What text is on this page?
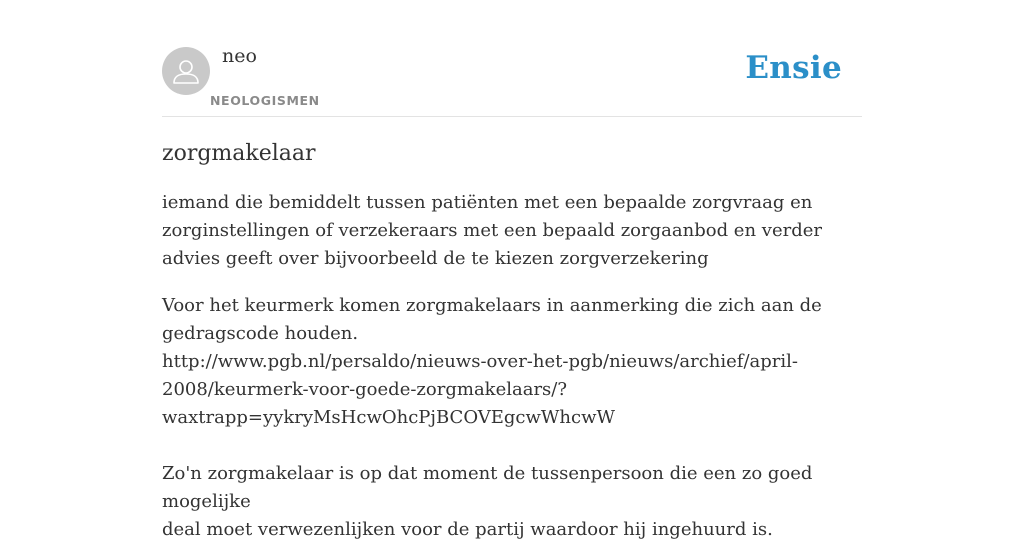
neo
NEOLOGISMEN
Ensie
zorgmakelaar

iemand die bemiddelt tussen patiënten met een bepaalde zorgvraag en zorginstellingen of verzekeraars met een bepaald zorgaanbod en verder advies geeft over bijvoorbeeld de te kiezen zorgverzekering

Voor het keurmerk komen zorgmakelaars in aanmerking die zich aan de
gedragscode houden.
http://www.pgb.nl/persaldo/nieuws-over-het-pgb/nieuws/archief/april-
2008/keurmerk-voor-goede-zorgmakelaars/?
waxtrapp=yykryMsHcwOhcPjBCOVEgcwWhcwW
Zo'n zorgmakelaar is op dat moment de tussenpersoon die een zo goed mogelijke
deal moet verwezenlijken voor de partij waardoor hij ingehuurd is.
